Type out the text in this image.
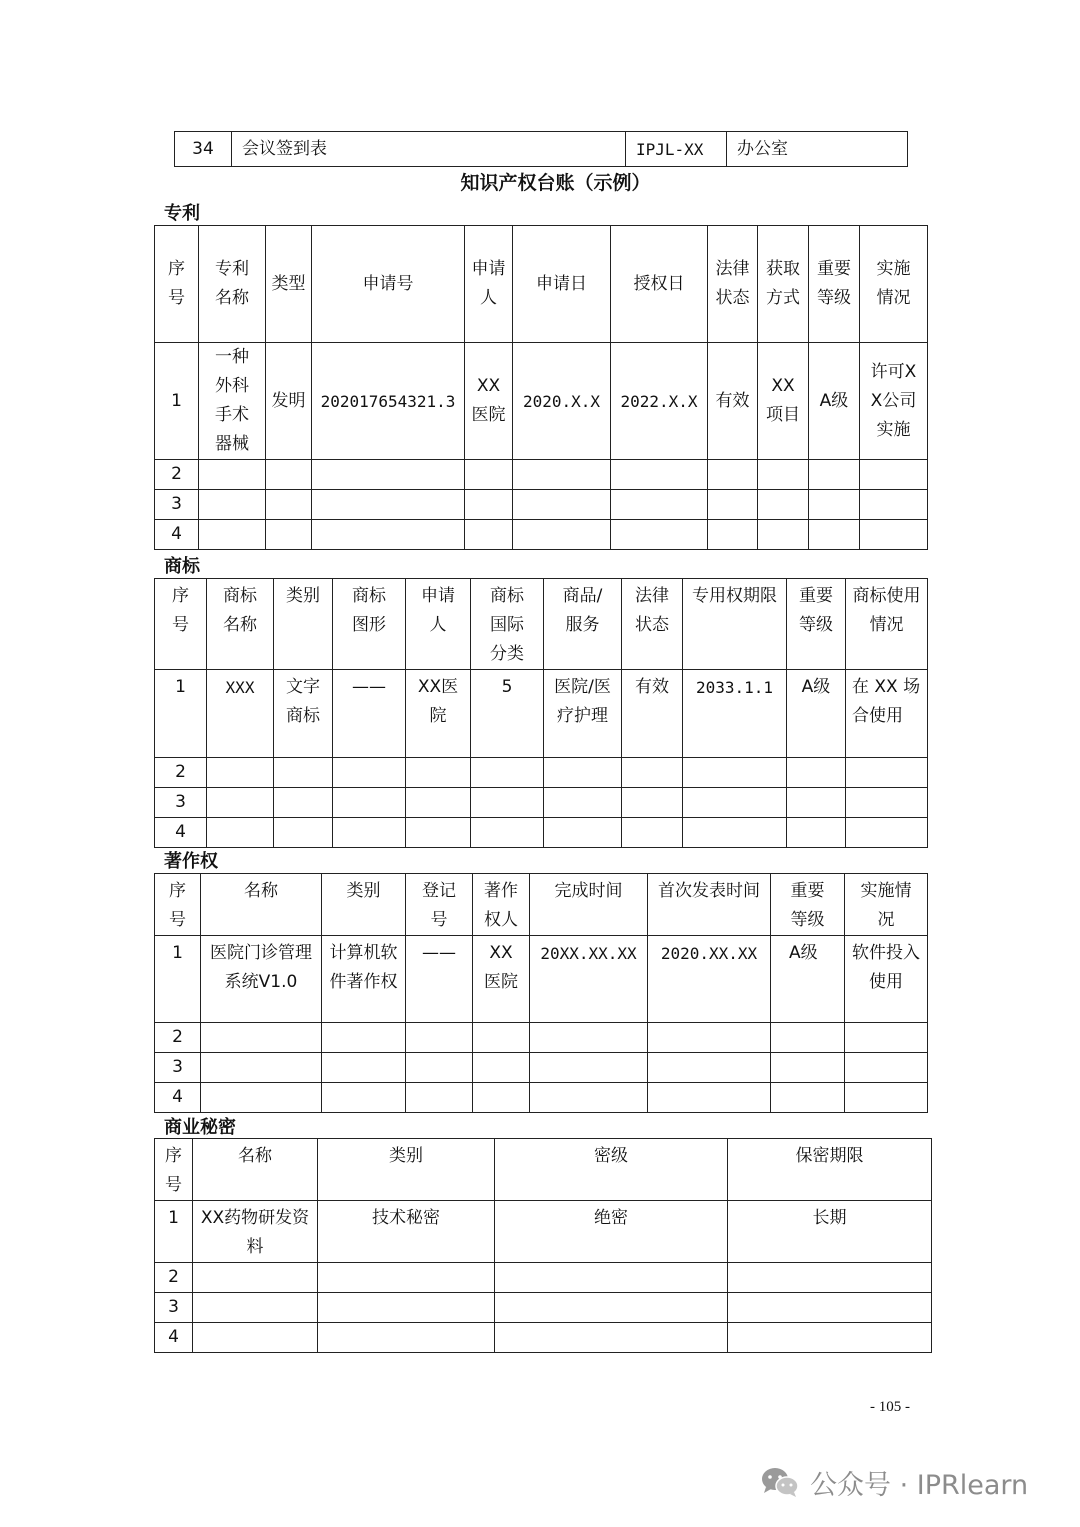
34	会议签到表	IPJL-XX	办公室
知识产权台账（示例）
专利
序号	专利名称	类型	申请号	申请人	申请日	授权日	法律状态	获取方式	重要等级	实施情况
1	一种外科手术器械	发明	202017654321.3	XX医院	2020.X.X	2022.X.X	有效	XX项目	A级	许可XX公司实施
2										
3										
4										
商标
序号	商标名称	类别	商标图形	申请人	商标国际分类	商品/服务	法律状态	专用权期限	重要等级	商标使用情况
1	XXX	文字商标	——	XX医院	5	医院/医疗护理	有效	2033.1.1	A级	在 XX 场合使用
2										
3										
4										
著作权
序号	名称	类别	登记号	著作权人	完成时间	首次发表时间	重要等级	实施情况
1	医院门诊管理系统V1.0	计算机软件著作权	——	XX医院	20XX.XX.XX	2020.XX.XX	A级	软件投入使用
2								
3								
4								
商业秘密
序号	名称	类别	密级	保密期限
1	XX药物研发资料	技术秘密	绝密	长期
2				
3				
4				
- 105 -
公众号 · IPRlearn
